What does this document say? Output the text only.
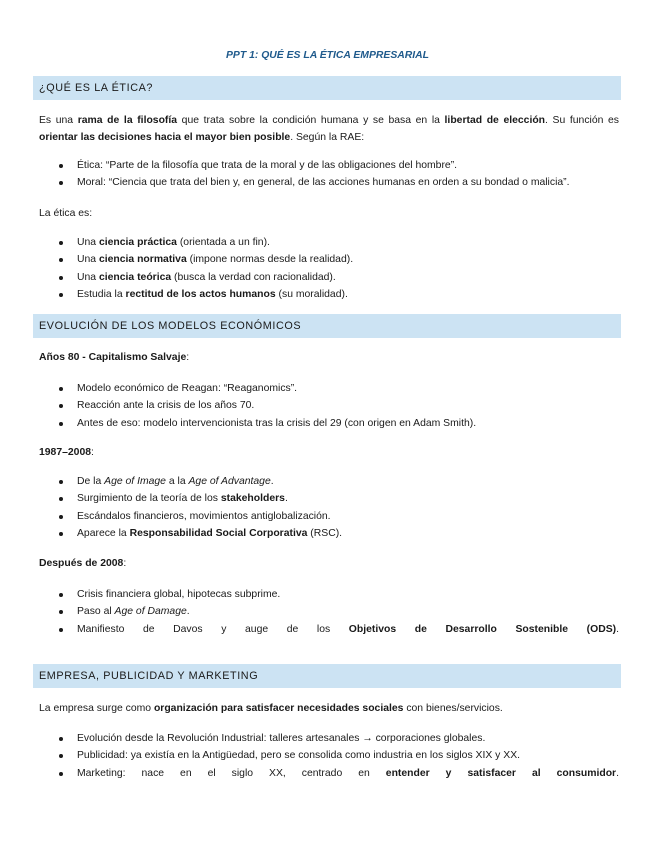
PPT 1: QUÉ ES LA ÉTICA EMPRESARIAL
¿QUÉ ES LA ÉTICA?
Es una rama de la filosofía que trata sobre la condición humana y se basa en la libertad de elección. Su función es
orientar las decisiones hacia el mayor bien posible. Según la RAE:
Ética: “Parte de la filosofía que trata de la moral y de las obligaciones del hombre”.
Moral: “Ciencia que trata del bien y, en general, de las acciones humanas en orden a su bondad o malicia”.
La ética es:
Una ciencia práctica (orientada a un fin).
Una ciencia normativa (impone normas desde la realidad).
Una ciencia teórica (busca la verdad con racionalidad).
Estudia la rectitud de los actos humanos (su moralidad).
EVOLUCIÓN DE LOS MODELOS ECONÓMICOS
Años 80 - Capitalismo Salvaje:
Modelo económico de Reagan: “Reaganomics”.
Reacción ante la crisis de los años 70.
Antes de eso: modelo intervencionista tras la crisis del 29 (con origen en Adam Smith).
1987–2008:
De la Age of Image a la Age of Advantage.
Surgimiento de la teoría de los stakeholders.
Escándalos financieros, movimientos antiglobalización.
Aparece la Responsabilidad Social Corporativa (RSC).
Después de 2008:
Crisis financiera global, hipotecas subprime.
Paso al Age of Damage.
Manifiesto de Davos y auge de los Objetivos de Desarrollo Sostenible (ODS).
EMPRESA, PUBLICIDAD Y MARKETING
La empresa surge como organización para satisfacer necesidades sociales con bienes/servicios.
Evolución desde la Revolución Industrial: talleres artesanales → corporaciones globales.
Publicidad: ya existía en la Antigüedad, pero se consolida como industria en los siglos XIX y XX.
Marketing: nace en el siglo XX, centrado en entender y satisfacer al consumidor.
